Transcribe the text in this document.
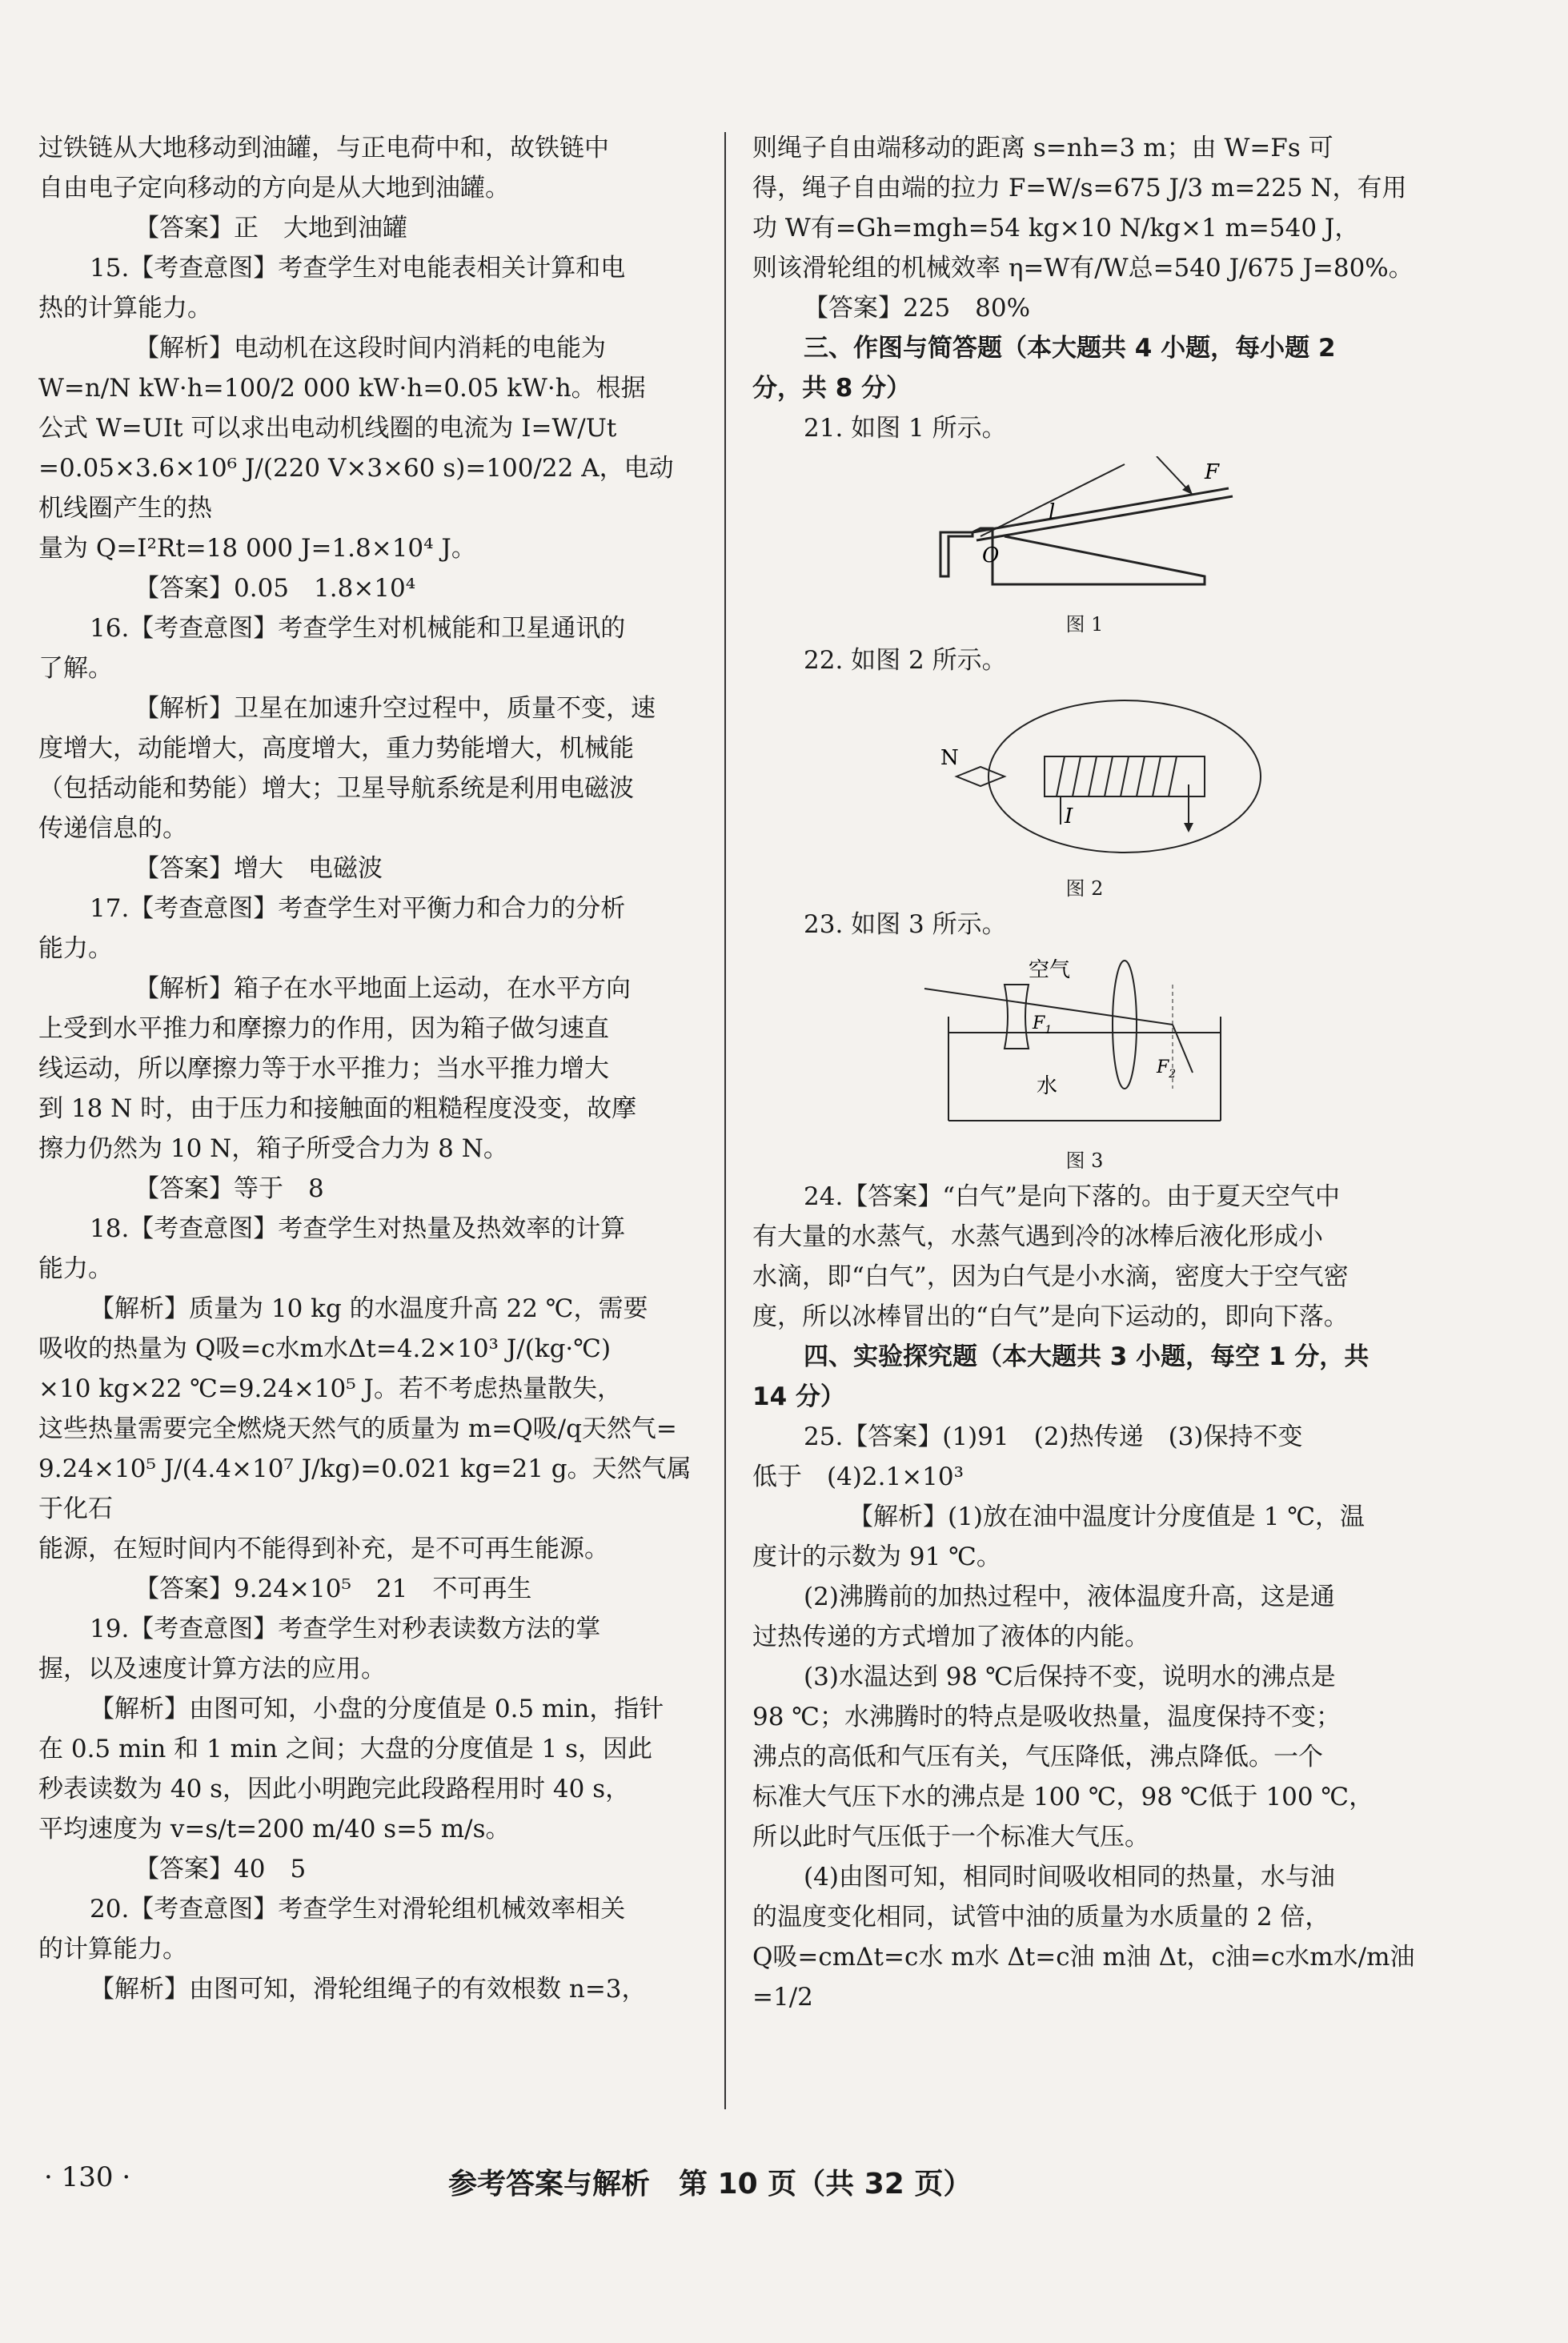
过铁链从大地移动到油罐，与正电荷中和，故铁链中
自由电子定向移动的方向是从大地到油罐。
【答案】正　大地到油罐
15.【考查意图】考查学生对电能表相关计算和电
热的计算能力。
【解析】电动机在这段时间内消耗的电能为
W=n/N kW·h=100/2 000 kW·h=0.05 kW·h。根据
公式 W=UIt 可以求出电动机线圈的电流为 I=W/Ut
=0.05×3.6×10⁶ J/(220 V×3×60 s)=100/22 A，电动机线圈产生的热
量为 Q=I²Rt=18 000 J=1.8×10⁴ J。
【答案】0.05　1.8×10⁴
16.【考查意图】考查学生对机械能和卫星通讯的
了解。
【解析】卫星在加速升空过程中，质量不变，速
度增大，动能增大，高度增大，重力势能增大，机械能
（包括动能和势能）增大；卫星导航系统是利用电磁波
传递信息的。
【答案】增大　电磁波
17.【考查意图】考查学生对平衡力和合力的分析
能力。
【解析】箱子在水平地面上运动，在水平方向
上受到水平推力和摩擦力的作用，因为箱子做匀速直
线运动，所以摩擦力等于水平推力；当水平推力增大
到 18 N 时，由于压力和接触面的粗糙程度没变，故摩
擦力仍然为 10 N，箱子所受合力为 8 N。
【答案】等于　8
18.【考查意图】考查学生对热量及热效率的计算
能力。
【解析】质量为 10 kg 的水温度升高 22 ℃，需要
吸收的热量为 Q吸=c水m水Δt=4.2×10³ J/(kg·℃)
×10 kg×22 ℃=9.24×10⁵ J。若不考虑热量散失，
这些热量需要完全燃烧天然气的质量为 m=Q吸/q天然气=
9.24×10⁵ J/(4.4×10⁷ J/kg)=0.021 kg=21 g。天然气属于化石
能源，在短时间内不能得到补充，是不可再生能源。
【答案】9.24×10⁵　21　不可再生
19.【考查意图】考查学生对秒表读数方法的掌
握，以及速度计算方法的应用。
【解析】由图可知，小盘的分度值是 0.5 min，指针
在 0.5 min 和 1 min 之间；大盘的分度值是 1 s，因此
秒表读数为 40 s，因此小明跑完此段路程用时 40 s，
平均速度为 v=s/t=200 m/40 s=5 m/s。
【答案】40　5
20.【考查意图】考查学生对滑轮组机械效率相关
的计算能力。
【解析】由图可知，滑轮组绳子的有效根数 n=3，
则绳子自由端移动的距离 s=nh=3 m；由 W=Fs 可
得，绳子自由端的拉力 F=W/s=675 J/3 m=225 N，有用
功 W有=Gh=mgh=54 kg×10 N/kg×1 m=540 J，
则该滑轮组的机械效率 η=W有/W总=540 J/675 J=80%。
【答案】225　80%
三、作图与简答题（本大题共 4 小题，每小题 2
分，共 8 分）
21. 如图 1 所示。
F
l
O
图 1
22. 如图 2 所示。
N
I
图 2
23. 如图 3 所示。
空气
水
$F_1$
$F_2$
图 3
24.【答案】“白气”是向下落的。由于夏天空气中
有大量的水蒸气，水蒸气遇到冷的冰棒后液化形成小
水滴，即“白气”，因为白气是小水滴，密度大于空气密
度，所以冰棒冒出的“白气”是向下运动的，即向下落。
四、实验探究题（本大题共 3 小题，每空 1 分，共
14 分）
25.【答案】(1)91　(2)热传递　(3)保持不变
低于　(4)2.1×10³
【解析】(1)放在油中温度计分度值是 1 ℃，温
度计的示数为 91 ℃。
(2)沸腾前的加热过程中，液体温度升高，这是通
过热传递的方式增加了液体的内能。
(3)水温达到 98 ℃后保持不变，说明水的沸点是
98 ℃；水沸腾时的特点是吸收热量，温度保持不变；
沸点的高低和气压有关，气压降低，沸点降低。一个
标准大气压下水的沸点是 100 ℃，98 ℃低于 100 ℃，
所以此时气压低于一个标准大气压。
(4)由图可知，相同时间吸收相同的热量，水与油
的温度变化相同，试管中油的质量为水质量的 2 倍，
Q吸=cmΔt=c水 m水 Δt=c油 m油 Δt，c油=c水m水/m油=1/2
· 130 ·	参考答案与解析　第 10 页（共 32 页）
